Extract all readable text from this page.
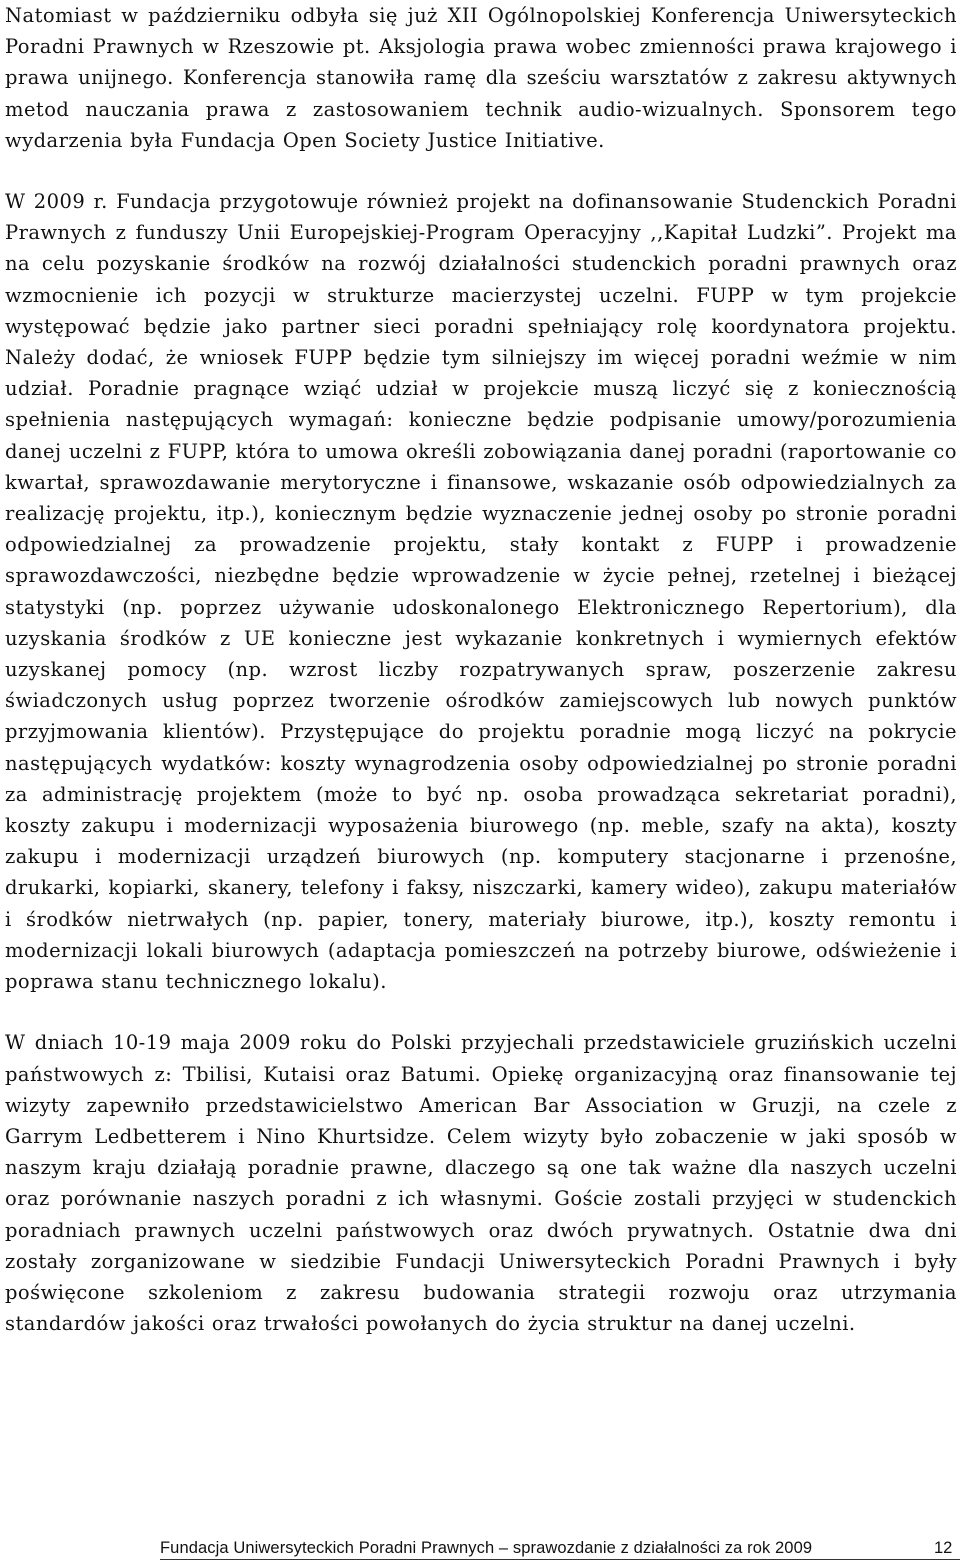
Natomiast w październiku odbyła się już XII Ogólnopolskiej Konferencja Uniwersyteckich Poradni Prawnych w Rzeszowie pt. Aksjologia prawa wobec zmienności prawa krajowego i prawa unijnego. Konferencja stanowiła ramę dla sześciu warsztatów z zakresu aktywnych metod nauczania prawa z zastosowaniem technik audio-wizualnych. Sponsorem tego wydarzenia była Fundacja Open Society Justice Initiative.

W 2009 r. Fundacja przygotowuje również projekt na dofinansowanie Studenckich Poradni Prawnych z funduszy Unii Europejskiej-Program Operacyjny ,,Kapitał Ludzki”. Projekt ma na celu pozyskanie środków na rozwój działalności studenckich poradni prawnych oraz wzmocnienie ich pozycji w strukturze macierzystej uczelni. FUPP w tym projekcie występować będzie jako partner sieci poradni spełniający rolę koordynatora projektu. Należy dodać, że wniosek FUPP będzie tym silniejszy im więcej poradni weźmie w nim udział. Poradnie pragnące wziąć udział w projekcie muszą liczyć się z koniecznością spełnienia następujących wymagań: konieczne będzie podpisanie umowy/porozumienia danej uczelni z FUPP, która to umowa określi zobowiązania danej poradni (raportowanie co kwartał, sprawozdawanie merytoryczne i finansowe, wskazanie osób odpowiedzialnych za realizację projektu, itp.), koniecznym będzie wyznaczenie jednej osoby po stronie poradni odpowiedzialnej za prowadzenie projektu, stały kontakt z FUPP i prowadzenie sprawozdawczości, niezbędne będzie wprowadzenie w życie pełnej, rzetelnej i bieżącej statystyki (np. poprzez używanie udoskonalonego Elektronicznego Repertorium), dla uzyskania środków z UE konieczne jest wykazanie konkretnych i wymiernych efektów uzyskanej pomocy (np. wzrost liczby rozpatrywanych spraw, poszerzenie zakresu świadczonych usług poprzez tworzenie ośrodków zamiejscowych lub nowych punktów przyjmowania klientów). Przystępujące do projektu poradnie mogą liczyć na pokrycie następujących wydatków: koszty wynagrodzenia osoby odpowiedzialnej po stronie poradni za administrację projektem (może to być np. osoba prowadząca sekretariat poradni), koszty zakupu i modernizacji wyposażenia biurowego (np. meble, szafy na akta), koszty zakupu i modernizacji urządzeń biurowych (np. komputery stacjonarne i przenośne, drukarki, kopiarki, skanery, telefony i faksy, niszczarki, kamery wideo), zakupu materiałów i środków nietrwałych (np. papier, tonery, materiały biurowe, itp.), koszty remontu i modernizacji lokali biurowych (adaptacja pomieszczeń na potrzeby biurowe, odświeżenie i poprawa stanu technicznego lokalu).

W dniach 10-19 maja 2009 roku do Polski przyjechali przedstawiciele gruzińskich uczelni państwowych z: Tbilisi, Kutaisi oraz Batumi. Opiekę organizacyjną oraz finansowanie tej wizyty zapewniło przedstawicielstwo American Bar Association w Gruzji, na czele z Garrym Ledbetterem i Nino Khurtsidze. Celem wizyty było zobaczenie w jaki sposób w naszym kraju działają poradnie prawne, dlaczego są one tak ważne dla naszych uczelni oraz porównanie naszych poradni z ich własnymi. Goście zostali przyjęci w studenckich poradniach prawnych uczelni państwowych oraz dwóch prywatnych. Ostatnie dwa dni zostały zorganizowane w siedzibie Fundacji Uniwersyteckich Poradni Prawnych i były poświęcone szkoleniom z zakresu budowania strategii rozwoju oraz utrzymania standardów jakości oraz trwałości powołanych do życia struktur na danej uczelni.

Fundacja Uniwersyteckich Poradni Prawnych – sprawozdanie z działalności za rok 2009	12
